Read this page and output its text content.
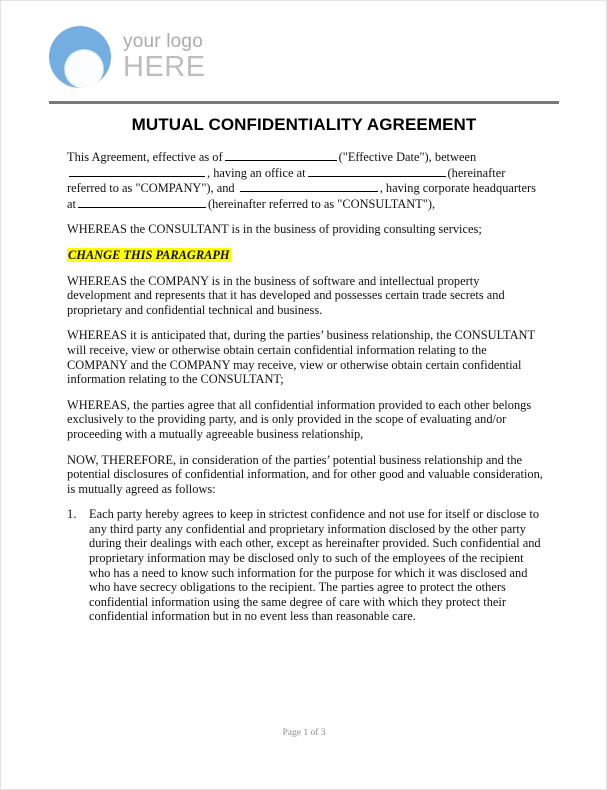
your logo
HERE
MUTUAL CONFIDENTIALITY AGREEMENT

This Agreement, effective as of	("Effective Date"), between, having an office at	(hereinafter referred to as "COMPANY"), and	, having corporate headquarters at	(hereinafter referred to as "CONSULTANT"),

WHEREAS the CONSULTANT is in the business of providing consulting services;

CHANGE THIS PARAGRAPH

WHEREAS the COMPANY is in the business of software and intellectual property development and represents that it has developed and possesses certain trade secrets and proprietary and confidential technical and business.

WHEREAS it is anticipated that, during the parties’ business relationship, the CONSULTANT will receive, view or otherwise obtain certain confidential information relating to the COMPANY and the COMPANY may receive, view or otherwise obtain certain confidential information relating to the CONSULTANT;

WHEREAS, the parties agree that all confidential information provided to each other belongs exclusively to the providing party, and is only provided in the scope of evaluating and/or proceeding with a mutually agreeable business relationship,

NOW, THEREFORE, in consideration of the parties’ potential business relationship and the potential disclosures of confidential information, and for other good and valuable consideration, is mutually agreed as follows:

1.	Each party hereby agrees to keep in strictest confidence and not use for itself or disclose to any third party any confidential and proprietary information disclosed by the other party during their dealings with each other, except as hereinafter provided. Such confidential and proprietary information may be disclosed only to such of the employees of the recipient who has a need to know such information for the purpose for which it was disclosed and who have secrecy obligations to the recipient. The parties agree to protect the others confidential information using the same degree of care with which they protect their confidential information but in no event less than reasonable care.
Page 1 of 3
